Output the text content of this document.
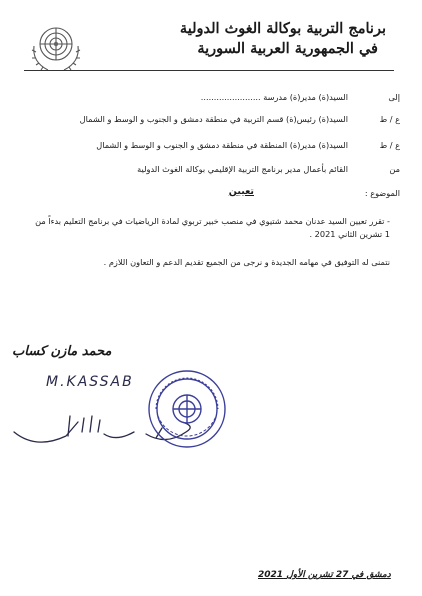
برنامج التربية بوكالة الغوث الدولية
في الجمهورية العربية السورية
إلى
السيد(ة) مدير(ة) مدرسة .......................
ع / ط
السيد(ة) رئيس(ة) قسم التربية في منطقة دمشق و الجنوب و الوسط و الشمال
ع / ط
السيد(ة) مدير(ة) المنطقة في منطقة دمشق و الجنوب و الوسط و الشمال
من
القائم بأعمال مدير برنامج التربية الإقليمي بوكالة الغوث الدولية
الموضوع :
تعيين
- تقرر تعيين السيد عدنان محمد شتيوي في منصب خبير تربوي لمادة الرياضيات في برنامج التعليم بدءاً من 1 تشرين الثاني 2021 .
نتمنى له التوفيق في مهامه الجديدة و نرجى من الجميع تقديم الدعم و التعاون اللازم .
محمد مازن كساب
M.KASSAB
دمشق في 27 تشرين الأول 2021
